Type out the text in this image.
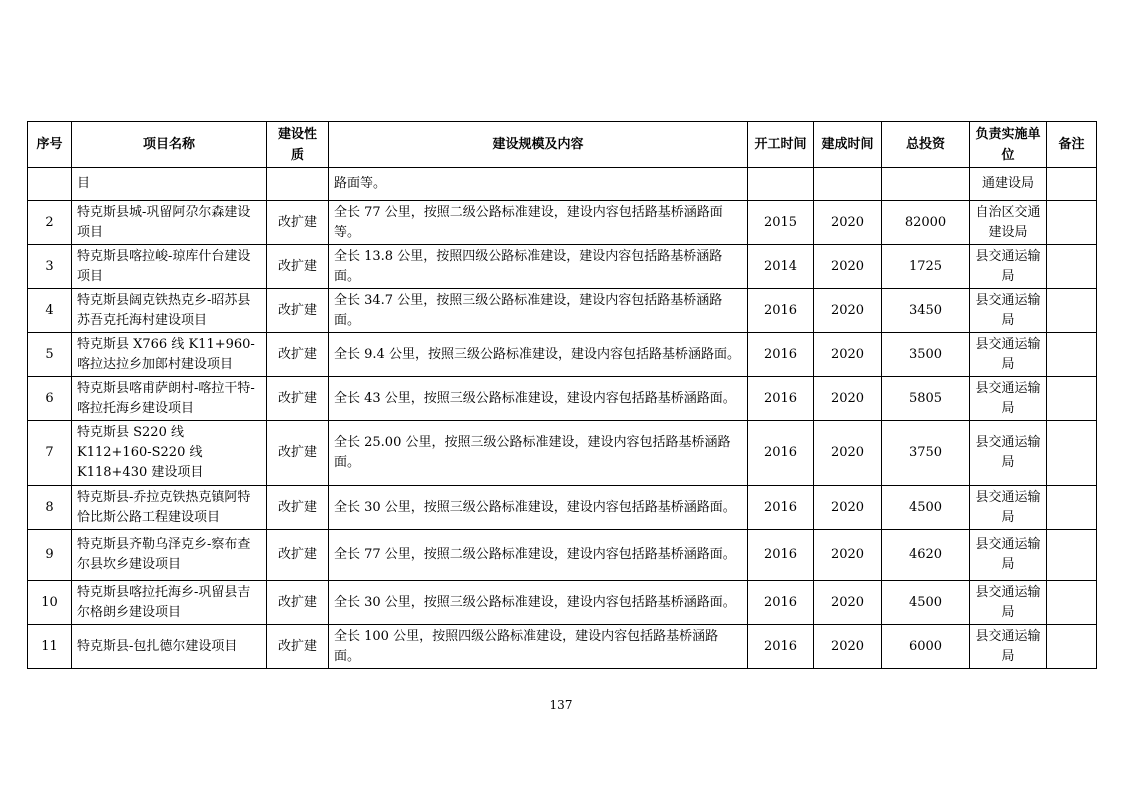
序号	项目名称	建设性质	建设规模及内容	开工时间	建成时间	总投资	负责实施单位	备注
	目		路面等。				通建设局	
2	特克斯县城-巩留阿尕尔森建设项目	改扩建	全长 77 公里，按照二级公路标准建设，建设内容包括路基桥涵路面等。	2015	2020	82000	自治区交通建设局	
3	特克斯县喀拉峻-琼库什台建设项目	改扩建	全长 13.8 公里，按照四级公路标准建设，建设内容包括路基桥涵路面。	2014	2020	1725	县交通运输局	
4	特克斯县阔克铁热克乡-昭苏县苏吾克托海村建设项目	改扩建	全长 34.7 公里，按照三级公路标准建设，建设内容包括路基桥涵路面。	2016	2020	3450	县交通运输局	
5	特克斯县 X766 线 K11+960-喀拉达拉乡加郎村建设项目	改扩建	全长 9.4 公里，按照三级公路标准建设，建设内容包括路基桥涵路面。	2016	2020	3500	县交通运输局	
6	特克斯县喀甫萨朗村-喀拉干特-喀拉托海乡建设项目	改扩建	全长 43 公里，按照三级公路标准建设，建设内容包括路基桥涵路面。	2016	2020	5805	县交通运输局	
7	特克斯县 S220 线 K112+160-S220 线 K118+430 建设项目	改扩建	全长 25.00 公里，按照三级公路标准建设，建设内容包括路基桥涵路面。	2016	2020	3750	县交通运输局	
8	特克斯县-乔拉克铁热克镇阿特恰比斯公路工程建设项目	改扩建	全长 30 公里，按照三级公路标准建设，建设内容包括路基桥涵路面。	2016	2020	4500	县交通运输局	
9	特克斯县齐勒乌泽克乡-察布查尔县坎乡建设项目	改扩建	全长 77 公里，按照二级公路标准建设，建设内容包括路基桥涵路面。	2016	2020	4620	县交通运输局	
10	特克斯县喀拉托海乡-巩留县吉尔格朗乡建设项目	改扩建	全长 30 公里，按照三级公路标准建设，建设内容包括路基桥涵路面。	2016	2020	4500	县交通运输局	
11	特克斯县-包扎德尔建设项目	改扩建	全长 100 公里，按照四级公路标准建设，建设内容包括路基桥涵路面。	2016	2020	6000	县交通运输局	
137
